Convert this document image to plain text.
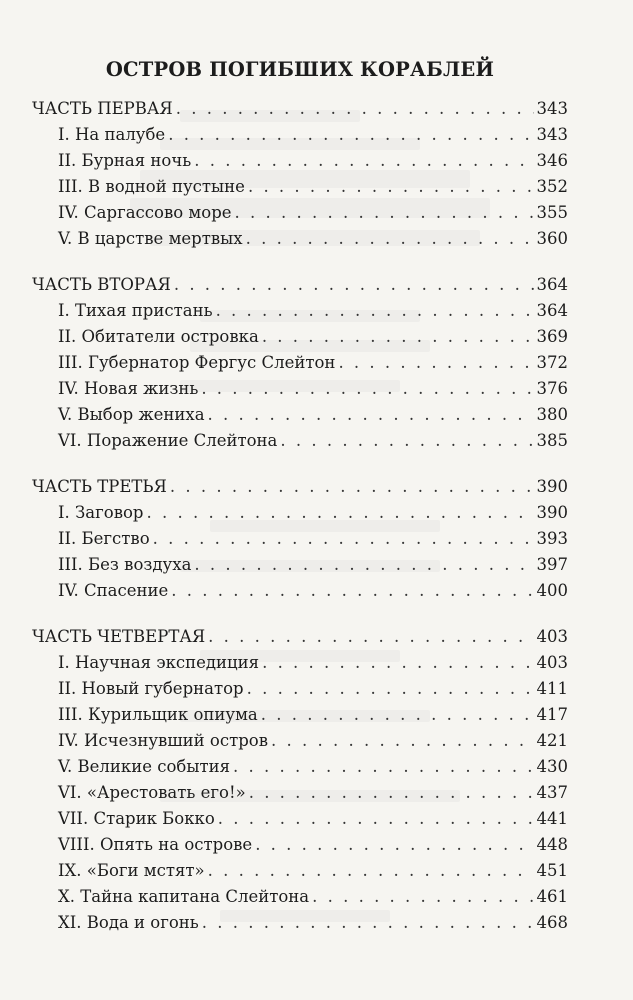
ОСТРОВ ПОГИБШИХ КОРАБЛЕЙ
ЧАСТЬ ПЕРВАЯ . . .	343
I. На палубе . . .	343
II. Бурная ночь . . .	346
III. В водной пустыне . . .	352
IV. Саргассово море . . .	355
V. В царстве мертвых . . .	360
ЧАСТЬ ВТОРАЯ . . .	364
I. Тихая пристань . . .	364
II. Обитатели островка . . .	369
III. Губернатор Фергус Слейтон . . .	372
IV. Новая жизнь . . .	376
V. Выбор жениха . . .	380
VI. Поражение Слейтона . . .	385
ЧАСТЬ ТРЕТЬЯ . . .	390
I. Заговор . . .	390
II. Бегство . . .	393
III. Без воздуха . . .	397
IV. Спасение . . .	400
ЧАСТЬ ЧЕТВЕРТАЯ . . .	403
I. Научная экспедиция . . .	403
II. Новый губернатор . . .	411
III. Курильщик опиума . . .	417
IV. Исчезнувший остров . . .	421
V. Великие события . . .	430
VI. «Арестовать его!» . . .	437
VII. Старик Бокко . . .	441
VIII. Опять на острове . . .	448
IX. «Боги мстят» . . .	451
X. Тайна капитана Слейтона . . .	461
XI. Вода и огонь . . .	468
